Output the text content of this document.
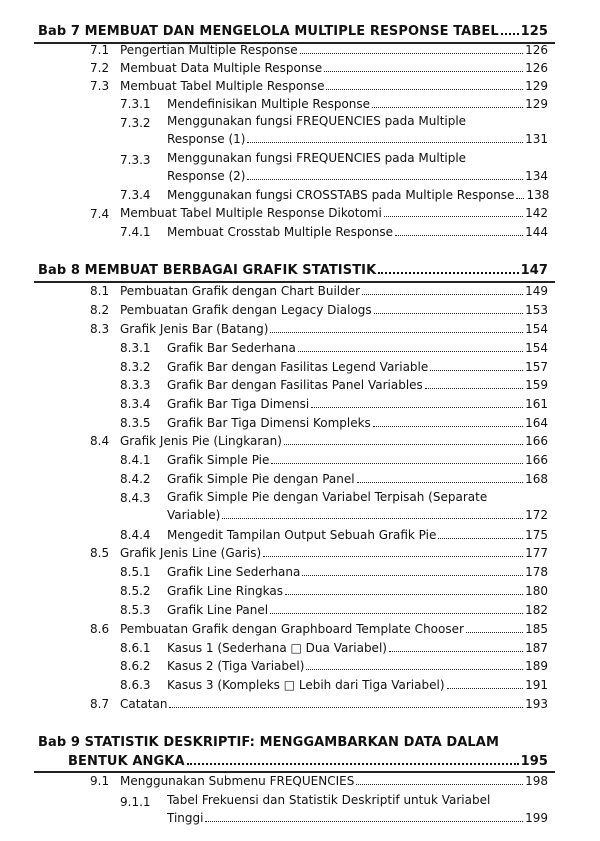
Bab 7 MEMBUAT DAN MENGELOLA MULTIPLE RESPONSE TABEL 125
7.1 Pengertian Multiple Response	126
7.2 Membuat Data Multiple Response	126
7.3 Membuat Tabel Multiple Response	129
7.3.1 Mendefinisikan Multiple Response	129
7.3.2 Menggunakan fungsi FREQUENCIES pada Multiple
Response (1)	131
7.3.3 Menggunakan fungsi FREQUENCIES pada Multiple
Response (2)	134
7.3.4 Menggunakan fungsi CROSSTABS pada Multiple Response 138
7.4 Membuat Tabel Multiple Response Dikotomi	142
7.4.1 Membuat Crosstab Multiple Response	144
Bab 8 MEMBUAT BERBAGAI GRAFIK STATISTIK	147
8.1 Pembuatan Grafik dengan Chart Builder	149
8.2 Pembuatan Grafik dengan Legacy Dialogs	153
8.3 Grafik Jenis Bar (Batang)	154
8.3.1 Grafik Bar Sederhana	154
8.3.2 Grafik Bar dengan Fasilitas Legend Variable	157
8.3.3 Grafik Bar dengan Fasilitas Panel Variables	159
8.3.4 Grafik Bar Tiga Dimensi	161
8.3.5 Grafik Bar Tiga Dimensi Kompleks	164
8.4 Grafik Jenis Pie (Lingkaran)	166
8.4.1 Grafik Simple Pie	166
8.4.2 Grafik Simple Pie dengan Panel	168
8.4.3 Grafik Simple Pie dengan Variabel Terpisah (Separate
Variable)	172
8.4.4 Mengedit Tampilan Output Sebuah Grafik Pie	175
8.5 Grafik Jenis Line (Garis)	177
8.5.1 Grafik Line Sederhana	178
8.5.2 Grafik Line Ringkas	180
8.5.3 Grafik Line Panel	182
8.6 Pembuatan Grafik dengan Graphboard Template Chooser	185
8.6.1 Kasus 1 (Sederhana □ Dua Variabel)	187
8.6.2 Kasus 2 (Tiga Variabel)	189
8.6.3 Kasus 3 (Kompleks □ Lebih dari Tiga Variabel)	191
8.7 Catatan	193
Bab 9 STATISTIK DESKRIPTIF: MENGGAMBARKAN DATA DALAM
BENTUK ANGKA	195
9.1 Menggunakan Submenu FREQUENCIES	198
9.1.1 Tabel Frekuensi dan Statistik Deskriptif untuk Variabel
Tinggi	199
